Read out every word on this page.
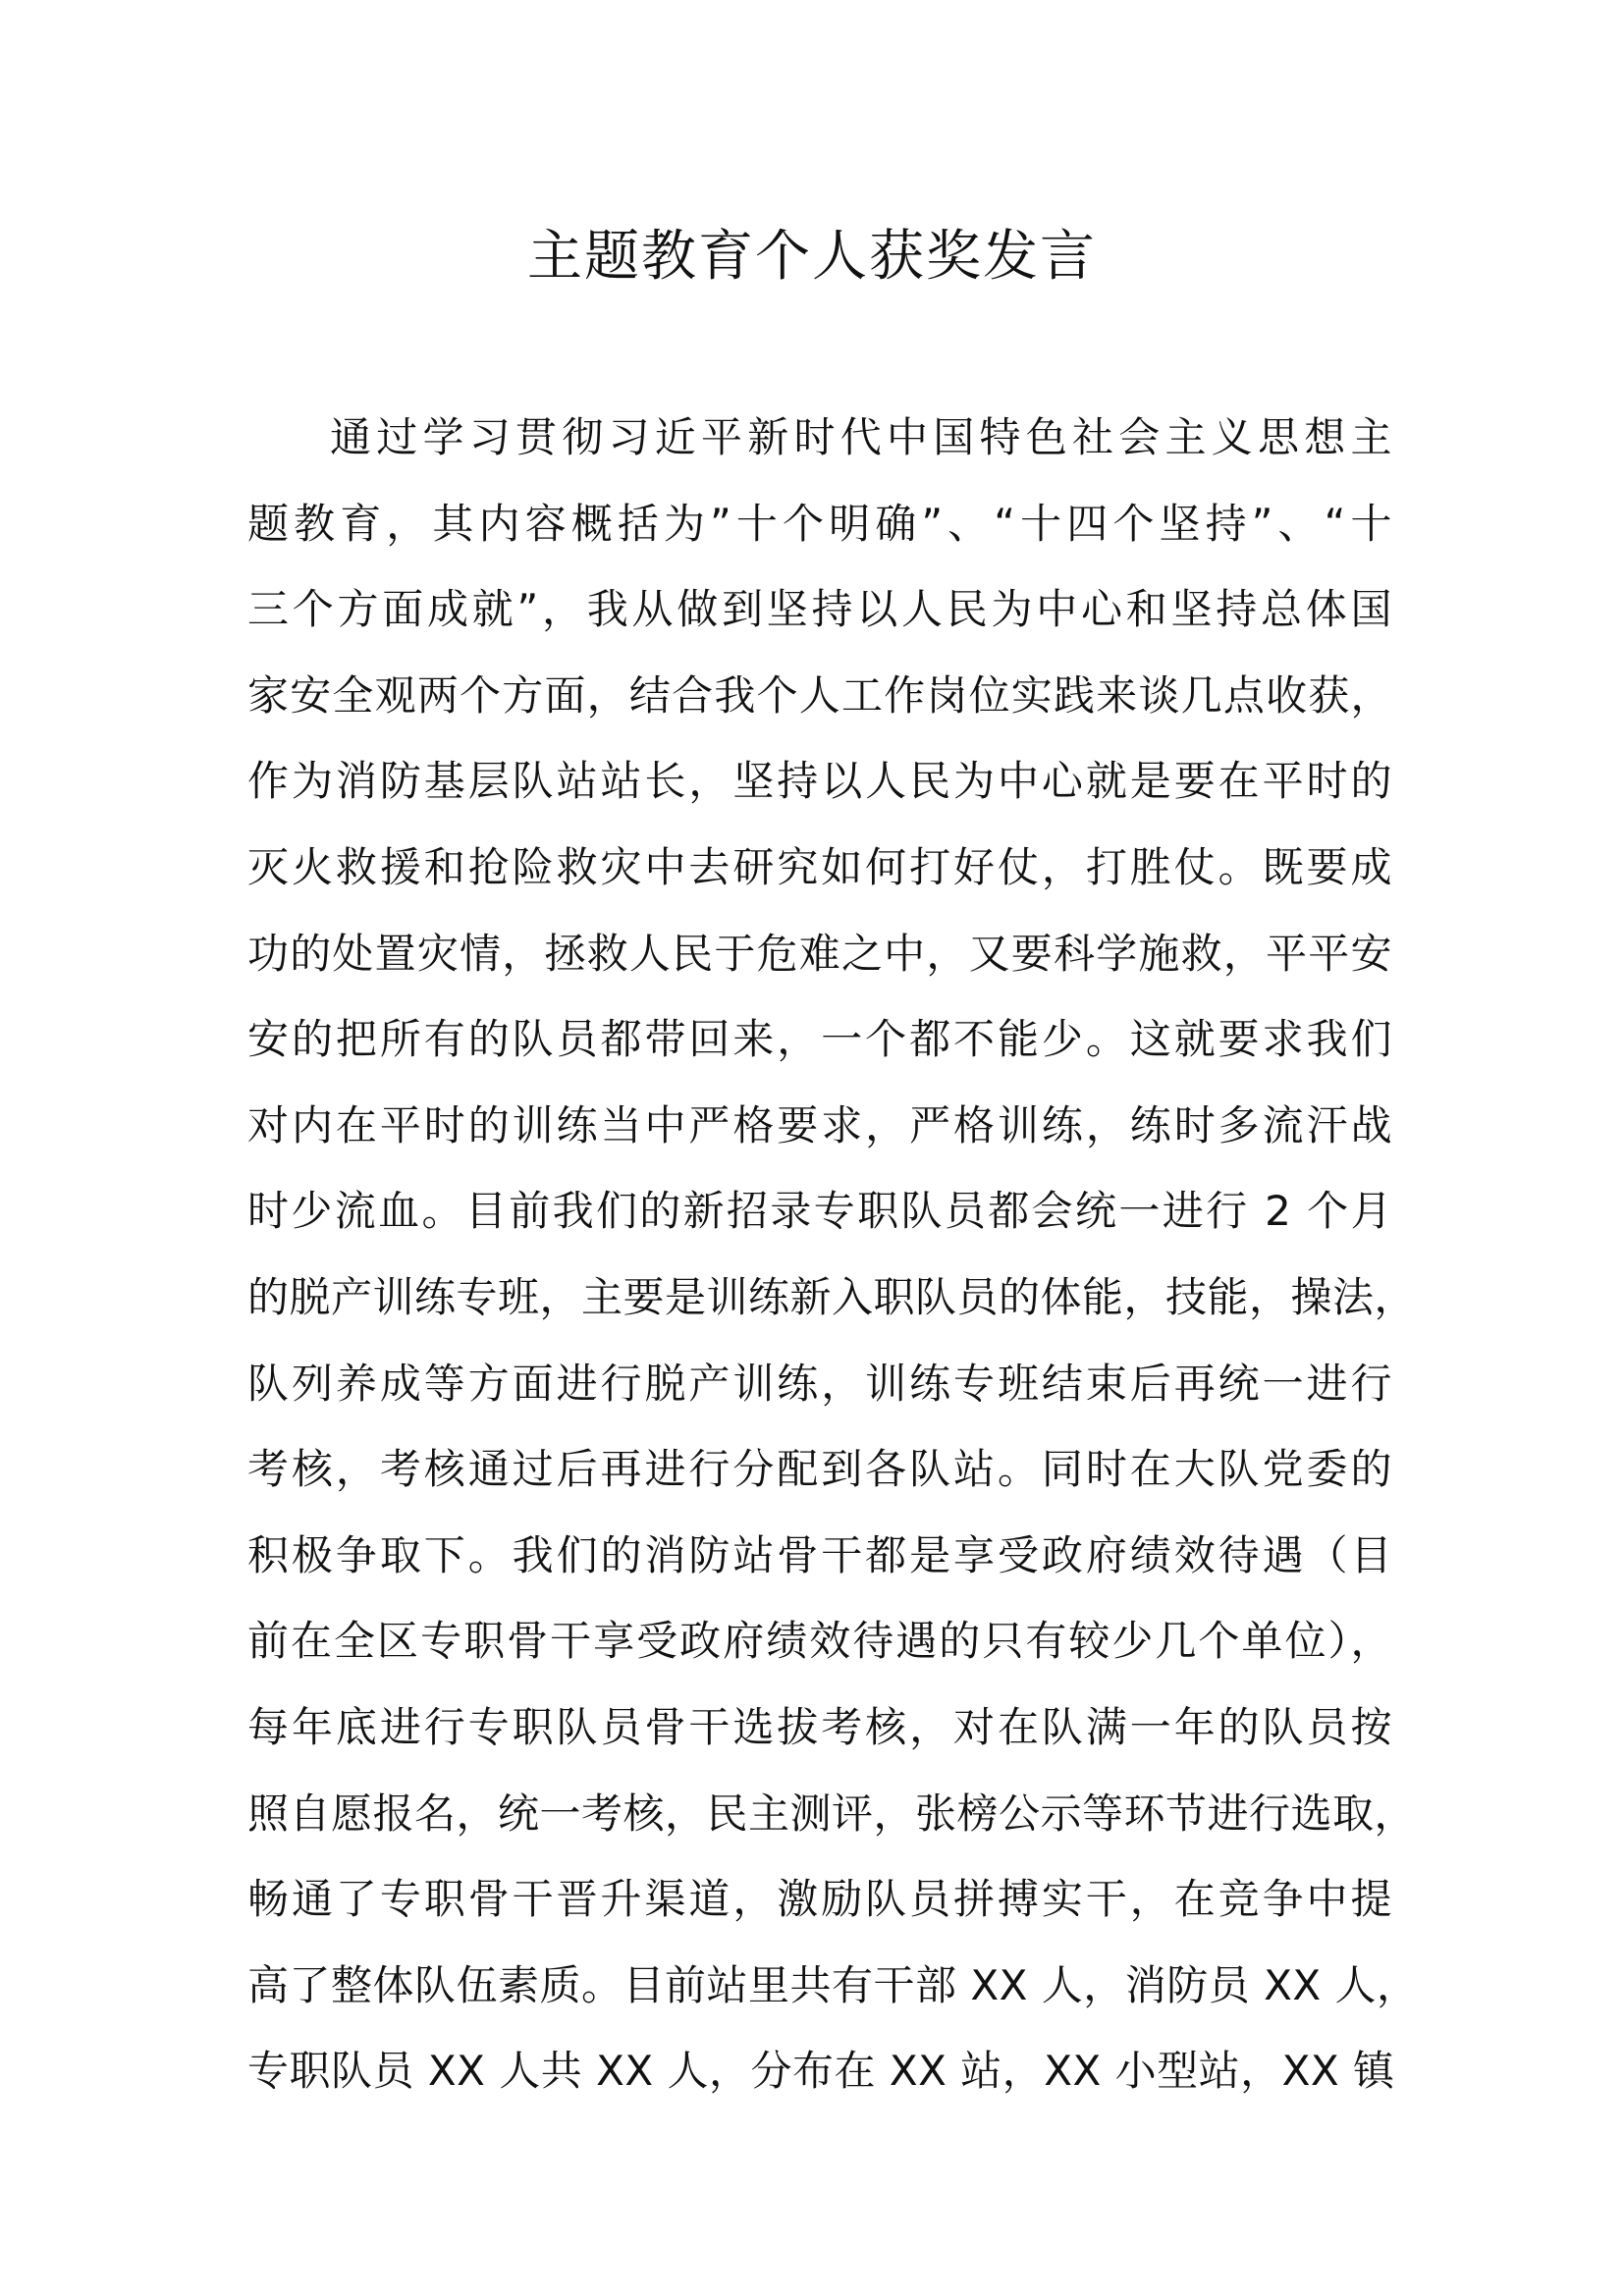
主题教育个人获奖发言
通过学习贯彻习近平新时代中国特色社会主义思想主
题教育，其内容概括为”十个明确”、“十四个坚持”、“十
三个方面成就”，我从做到坚持以人民为中心和坚持总体国
家安全观两个方面，结合我个人工作岗位实践来谈几点收获，
作为消防基层队站站长，坚持以人民为中心就是要在平时的
灭火救援和抢险救灾中去研究如何打好仗，打胜仗。既要成
功的处置灾情，拯救人民于危难之中，又要科学施救，平平安
安的把所有的队员都带回来，一个都不能少。这就要求我们
对内在平时的训练当中严格要求，严格训练，练时多流汗战
时少流血。目前我们的新招录专职队员都会统一进行 2 个月
的脱产训练专班，主要是训练新入职队员的体能，技能，操法，
队列养成等方面进行脱产训练，训练专班结束后再统一进行
考核，考核通过后再进行分配到各队站。同时在大队党委的
积极争取下。我们的消防站骨干都是享受政府绩效待遇（目
前在全区专职骨干享受政府绩效待遇的只有较少几个单位），
每年底进行专职队员骨干选拔考核，对在队满一年的队员按
照自愿报名，统一考核，民主测评，张榜公示等环节进行选取，
畅通了专职骨干晋升渠道，激励队员拼搏实干，在竞争中提
高了整体队伍素质。目前站里共有干部 XX 人，消防员 XX 人，
专职队员 XX 人共 XX 人，分布在 XX 站，XX 小型站，XX 镇
